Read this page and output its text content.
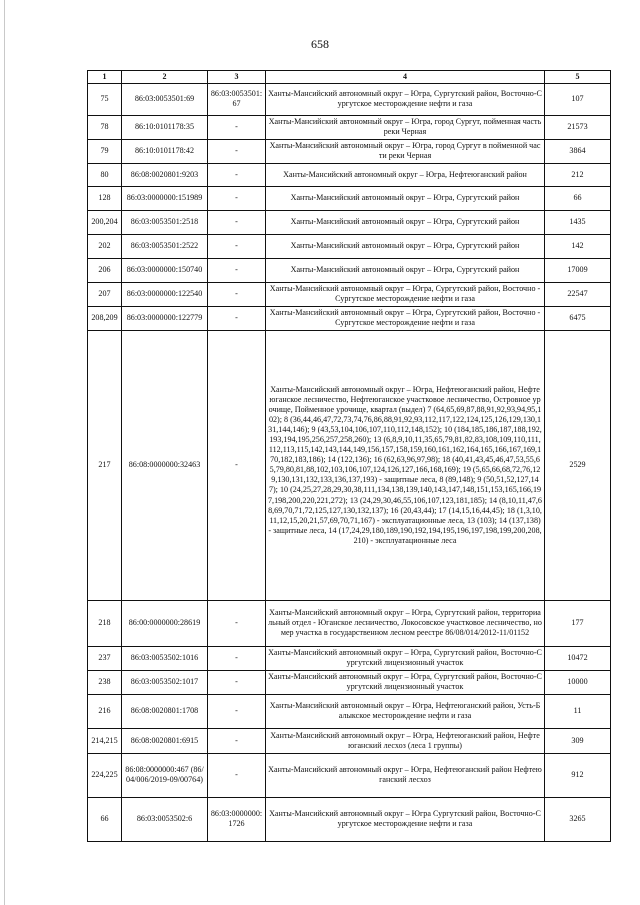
658
1	2	3	4	5
75	86:03:0053501:69	86:03:0053501:67	Ханты-Мансийский автономный округ – Югра, Сургутский район, Восточно-Сургутское месторождение нефти и газа	107
78	86:10:0101178:35	-	Ханты-Мансийский автономный округ – Югра, город Сургут, пойменная часть реки Черная	21573
79	86:10:0101178:42	-	Ханты-Мансийский автономный округ – Югра, город Сургут в пойменной части реки Черная	3864
80	86:08:0020801:9203	-	Ханты-Мансийский автономный округ – Югра, Нефтеюганский район	212
128	86:03:0000000:151989	-	Ханты-Мансийский автономный округ – Югра, Сургутский район	66
200,204	86:03:0053501:2518	-	Ханты-Мансийский автономный округ – Югра, Сургутский район	1435
202	86:03:0053501:2522	-	Ханты-Мансийский автономный округ – Югра, Сургутский район	142
206	86:03:0000000:150740	-	Ханты-Мансийский автономный округ – Югра, Сургутский район	17009
207	86:03:0000000:122540	-	Ханты-Мансийский автономный округ – Югра, Сургутский район, Восточно - Сургутское месторождение нефти и газа	22547
208,209	86:03:0000000:122779	-	Ханты-Мансийский автономный округ – Югра, Сургутский район, Восточно - Сургутское месторождение нефти и газа	6475
217	86:08:0000000:32463	-	Ханты-Мансийский автономный округ – Югра, Нефтеюганский район, Нефтеюганское лесничество, Нефтеюганское участковое лесничество, Островное урочище, Пойменное урочище, квартал (выдел) 7 (64,65,69,87,88,91,92,93,94,95,102); 8 (36,44,46,47,72,73,74,76,86,88,91,92,93,112,117,122,124,125,126,129,130,131,144,146); 9 (43,53,104,106,107,110,112,148,152); 10 (184,185,186,187,188,192,193,194,195,256,257,258,260); 13 (6,8,9,10,11,35,65,79,81,82,83,108,109,110,111,112,113,115,142,143,144,149,156,157,158,159,160,161,162,164,165,166,167,169,170,182,183,186); 14 (122,136); 16 (62,63,96,97,98); 18 (40,41,43,45,46,47,53,55,65,79,80,81,88,102,103,106,107,124,126,127,166,168,169); 19 (5,65,66,68,72,76,129,130,131,132,133,136,137,193) - защитные леса, 8 (89,148); 9 (50,51,52,127,147); 10 (24,25,27,28,29,30,38,111,134,138,139,140,143,147,148,151,153,165,166,197,198,200,220,221,272); 13 (24,29,30,46,55,106,107,123,181,185); 14 (8,10,11,47,68,69,70,71,72,125,127,130,132,137); 16 (20,43,44); 17 (14,15,16,44,45); 18 (1,3,10,11,12,15,20,21,57,69,70,71,167) - эксплуатационные леса, 13 (103); 14 (137,138) - защитные леса, 14 (17,24,29,180,189,190,192,194,195,196,197,198,199,200,208,210) - эксплуатационные леса	2529
218	86:00:0000000:28619	-	Ханты-Мансийский автономный округ – Югра, Сургутский район, территориальный отдел - Юганское лесничество, Локосовское участковое лесничество, номер участка в государственном лесном реестре 86/08/014/2012-11/01152	177
237	86:03:0053502:1016	-	Ханты-Мансийский автономный округ – Югра, Сургутский район, Восточно-Сургутский лицензионный участок	10472
238	86:03:0053502:1017	-	Ханты-Мансийский автономный округ – Югра, Сургутский район, Восточно-Сургутский лицензионный участок	10000
216	86:08:0020801:1708	-	Ханты-Мансийский автономный округ – Югра, Нефтеюганский район, Усть-Балыкское месторождение нефти и газа	11
214,215	86:08:0020801:6915	-	Ханты-Мансийский автономный округ – Югра, Нефтеюганский район, Нефтеюганский лесхоз (леса 1 группы)	309
224,225	86:08:0000000:467 (86/04/006/2019-09/00764)	-	Ханты-Мансийский автономный округ – Югра, Нефтеюганский район Нефтеюганский лесхоз	912
66	86:03:0053502:6	86:03:0000000:1726	Ханты-Мансийский автономный округ – Югра Сургутский район, Восточно-Сургутское месторождение нефти и газа	3265
